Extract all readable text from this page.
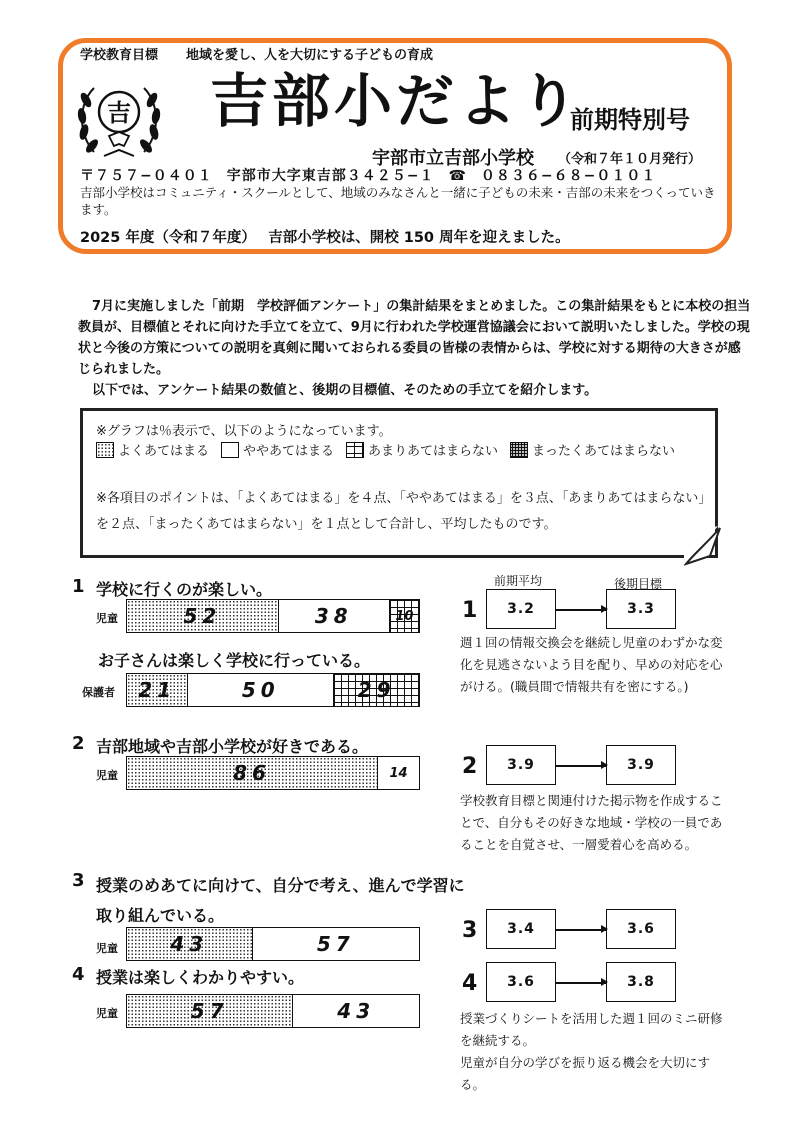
学校教育目標 地域を愛し、人を大切にする子どもの育成
吉 吉部小だより
前期特別号
宇部市立吉部小学校 （令和７年１０月発行）
〒７５７−０４０１ 宇部市大字東吉部３４２５−１ ☎ ０８３６−６８−０１０１
吉部小学校はコミュニティ・スクールとして、地域のみなさんと一緒に子どもの未来・吉部の未来をつくっていきます。
2025 年度（令和７年度）　 吉部小学校は、開校 150 周年を迎えました。

7月に実施しました「前期　学校評価アンケート」の集計結果をまとめました。この集計結果をもとに本校の担当教員が、目標値とそれに向けた手立てを立て、9月に行われた学校運営協議会において説明いたしました。学校の現状と今後の方策についての説明を真剣に聞いておられる委員の皆様の表情からは、学校に対する期待の大きさが感じられました。

以下では、アンケート結果の数値と、後期の目標値、そのための手立てを紹介します。

※グラフは％表示で、以下のようになっています。
よくあてはまる	ややあてはまる	あまりあてはまらない	まったくあてはまらない
※各項目のポイントは、「よくあてはまる」を４点、「ややあてはまる」を３点、「あまりあてはまらない」を２点、「まったくあてはまらない」を１点として合計し、平均したものです。
1 学校に行くのが楽しい。
児童	52	38	10
お子さんは楽しく学校に行っている。
保護者 21	50	29
2 吉部地域や吉部小学校が好きである。
児童	86	14
3 授業のめあてに向けて、自分で考え、進んで学習に
取り組んでいる。
児童	43	57
4 授業は楽しくわかりやすい。
児童	57	43
前期平均	後期目標
1	3.2	3.3
週１回の情報交換会を継続し児童のわずかな変化を見逃さないよう目を配り、早めの対応を心がける。(職員間で情報共有を密にする。)
2	3.9	3.9
学校教育目標と関連付けた掲示物を作成することで、自分もその好きな地域・学校の一員であることを自覚させ、一層愛着心を高める。
3	3.4	3.6
4	3.6	3.8
授業づくりシートを活用した週１回のミニ研修を継続する。
児童が自分の学びを振り返る機会を大切にする。
